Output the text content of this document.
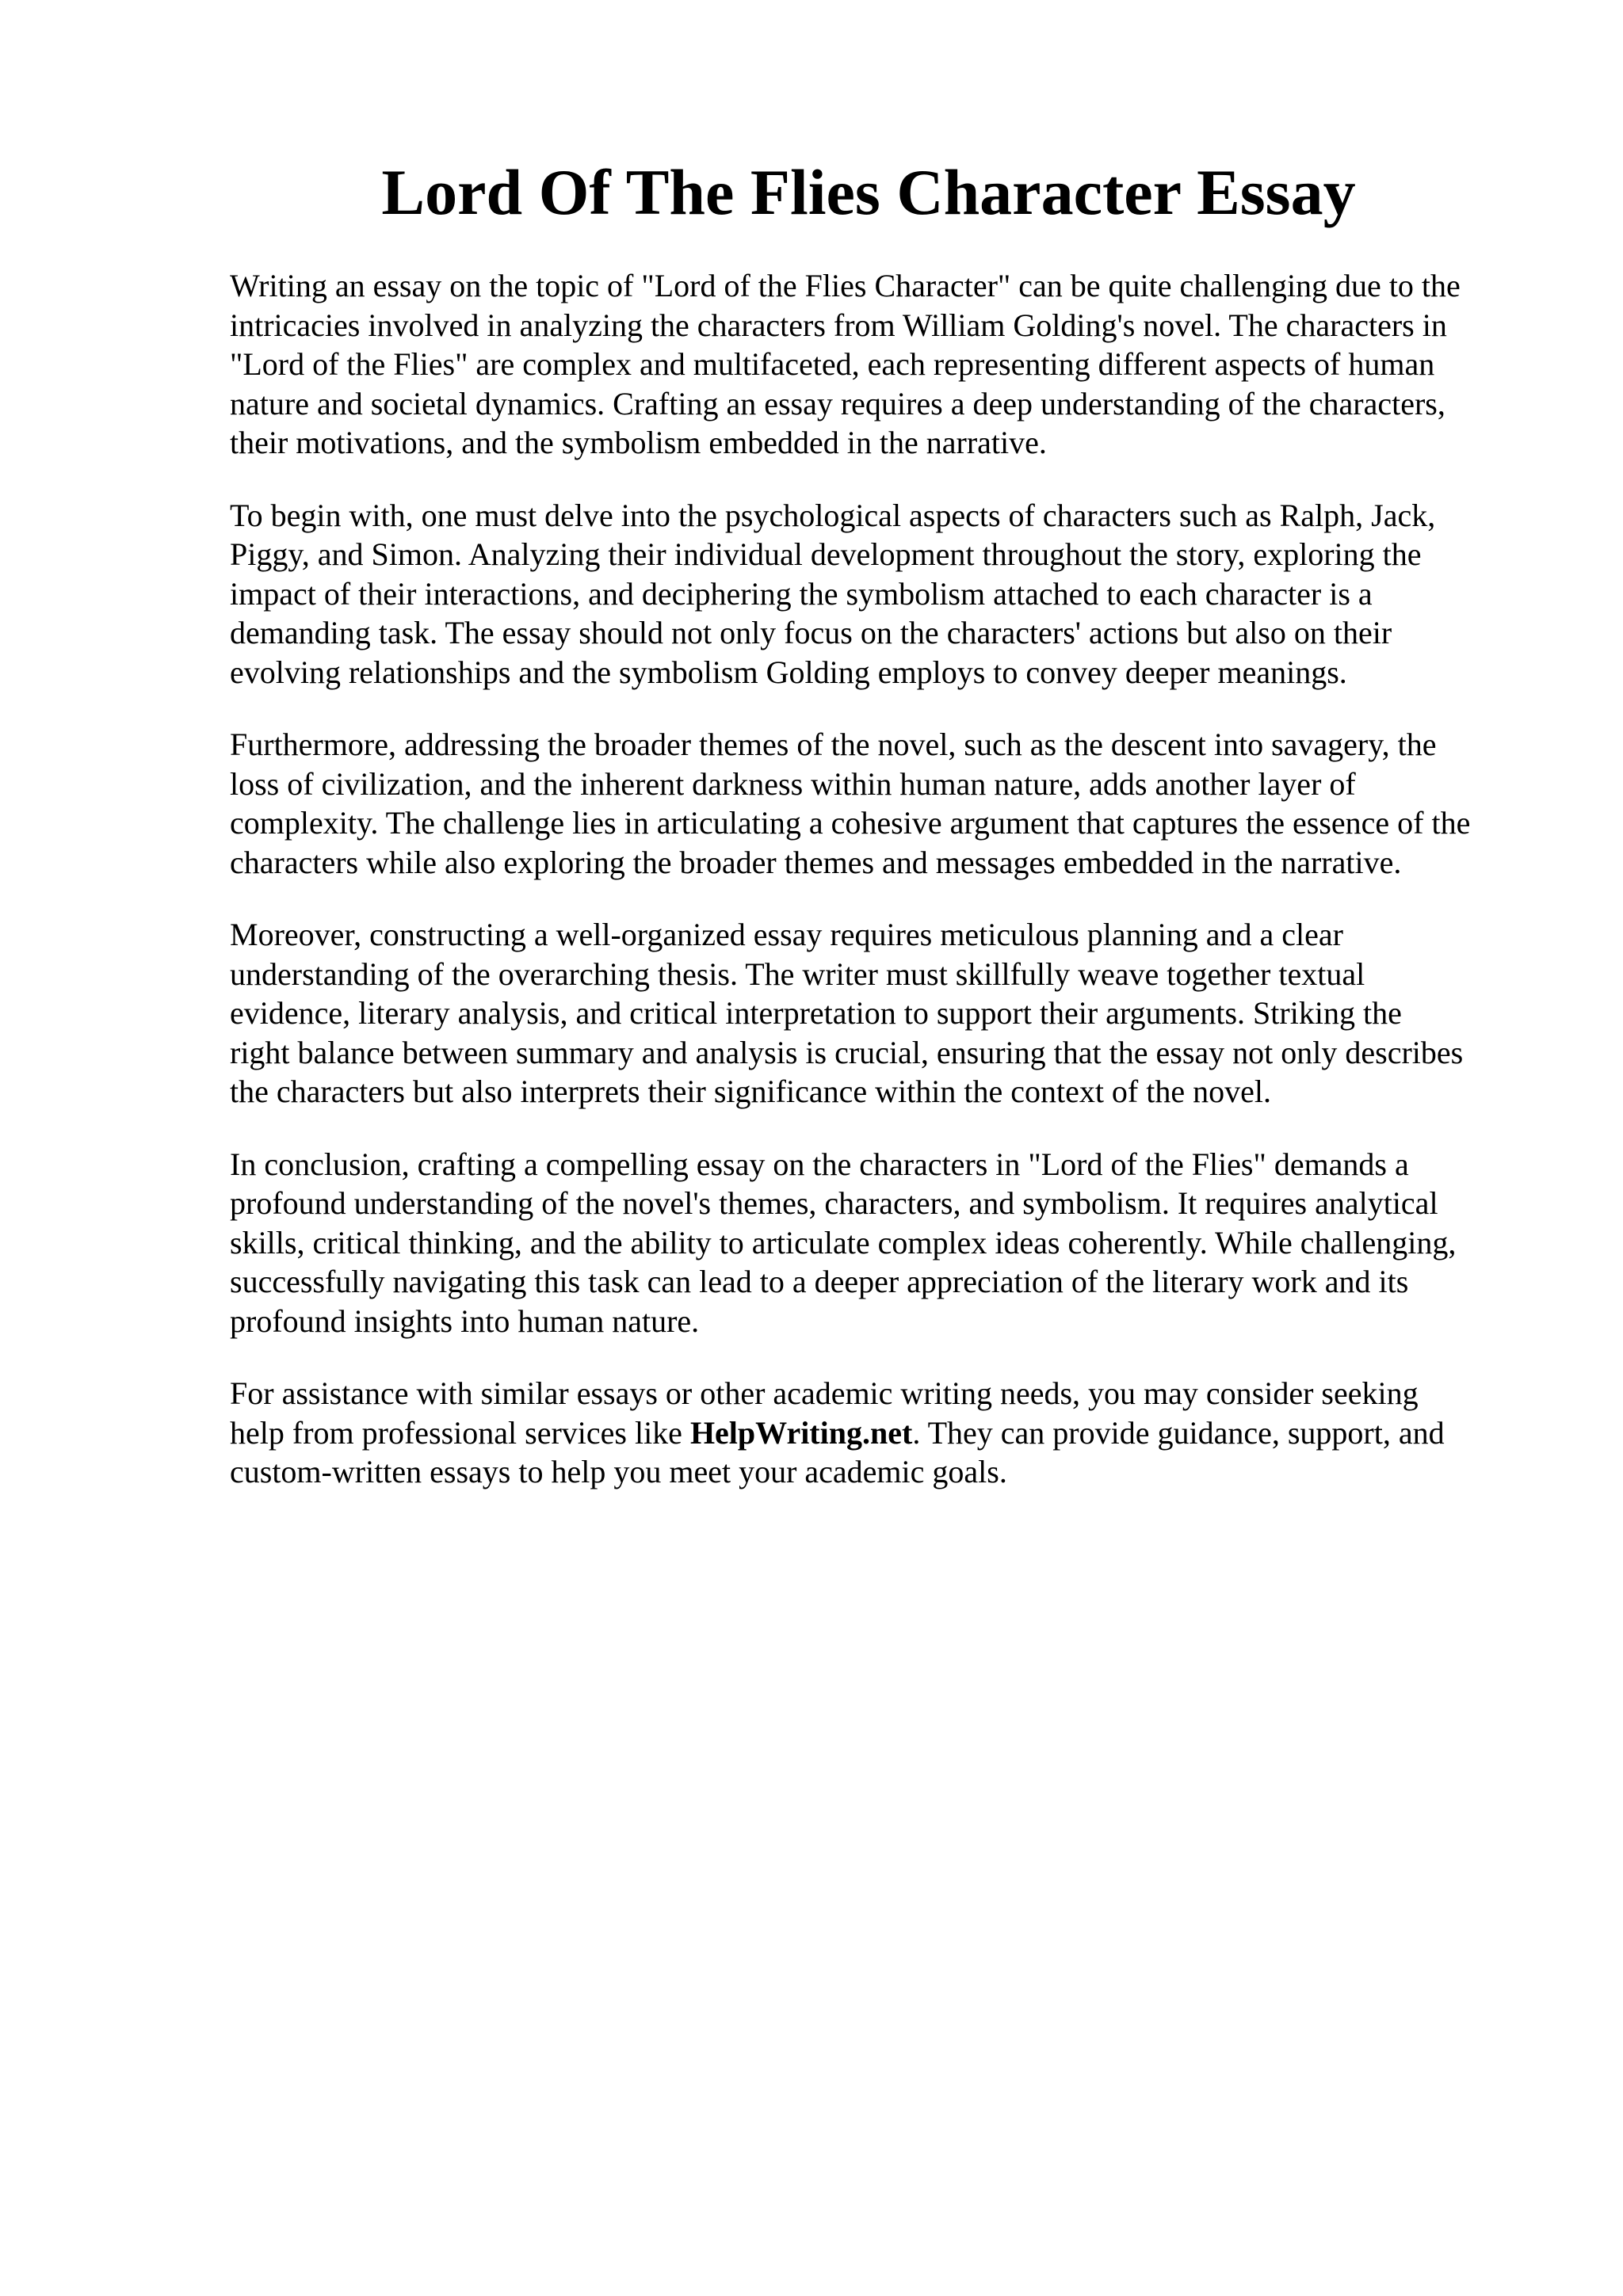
Lord Of The Flies Character Essay

Writing an essay on the topic of "Lord of the Flies Character" can be quite challenging due to the
intricacies involved in analyzing the characters from William Golding's novel. The characters in
"Lord of the Flies" are complex and multifaceted, each representing different aspects of human
nature and societal dynamics. Crafting an essay requires a deep understanding of the characters,
their motivations, and the symbolism embedded in the narrative.

To begin with, one must delve into the psychological aspects of characters such as Ralph, Jack,
Piggy, and Simon. Analyzing their individual development throughout the story, exploring the
impact of their interactions, and deciphering the symbolism attached to each character is a
demanding task. The essay should not only focus on the characters' actions but also on their
evolving relationships and the symbolism Golding employs to convey deeper meanings.

Furthermore, addressing the broader themes of the novel, such as the descent into savagery, the
loss of civilization, and the inherent darkness within human nature, adds another layer of
complexity. The challenge lies in articulating a cohesive argument that captures the essence of the
characters while also exploring the broader themes and messages embedded in the narrative.

Moreover, constructing a well-organized essay requires meticulous planning and a clear
understanding of the overarching thesis. The writer must skillfully weave together textual
evidence, literary analysis, and critical interpretation to support their arguments. Striking the
right balance between summary and analysis is crucial, ensuring that the essay not only describes
the characters but also interprets their significance within the context of the novel.

In conclusion, crafting a compelling essay on the characters in "Lord of the Flies" demands a
profound understanding of the novel's themes, characters, and symbolism. It requires analytical
skills, critical thinking, and the ability to articulate complex ideas coherently. While challenging,
successfully navigating this task can lead to a deeper appreciation of the literary work and its
profound insights into human nature.

For assistance with similar essays or other academic writing needs, you may consider seeking
help from professional services like HelpWriting.net. They can provide guidance, support, and
custom-written essays to help you meet your academic goals.
